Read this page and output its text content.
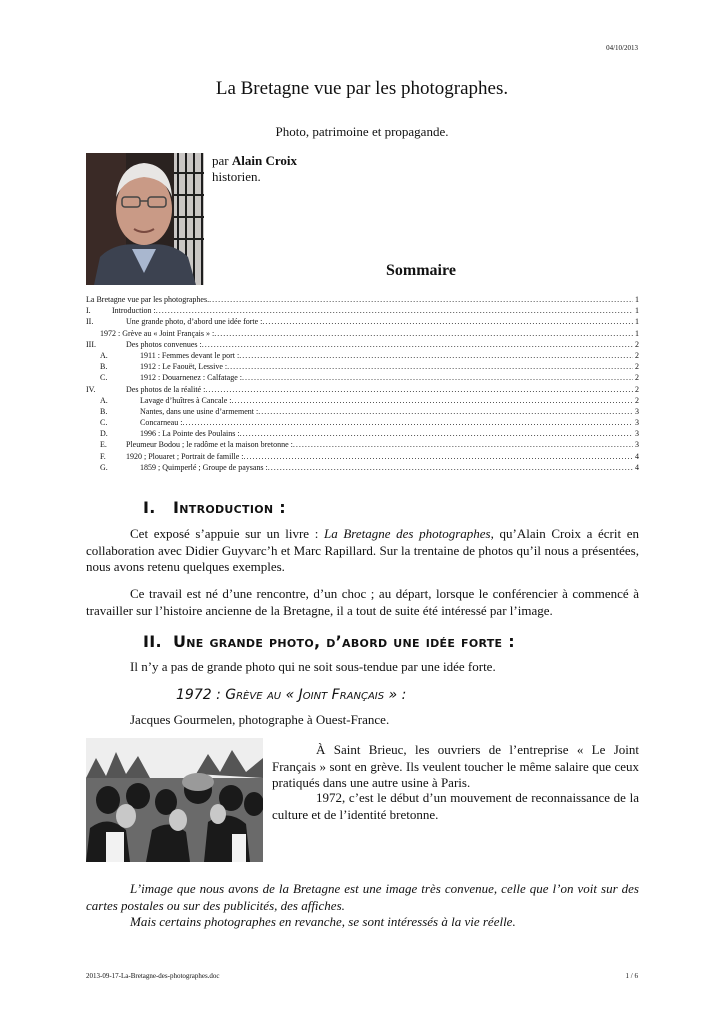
04/10/2013
La Bretagne vue par les photographes.
Photo, patrimoine et propagande.
par Alain Croix
historien.
Sommaire
La Bretagne vue par les photographes. .....	1
I.	Introduction : .....	1
II.	Une grande photo, d’abord une idée forte : .....	1
1972 : Grève au « Joint Français » : .....	1
III.	Des photos convenues : .....	2
A.	1911 : Femmes devant le port : .....	2
B.	1912 : Le Faouët, Lessive : .....	2
C.	1912 : Douarnenez : Calfatage : .....	2
IV.	Des photos de la réalité : .....	2
A.	Lavage d’huîtres à Cancale : .....	2
B.	Nantes, dans une usine d’armement : .....	3
C.	Concarneau : .....	3
D.	1996 : La Pointe des Poulains : .....	3
E.	Pleumeur Bodou ; le radôme et la maison bretonne : .....	3
F.	1920 ; Plouaret ; Portrait de famille : .....	4
G.	1859 ; Quimperlé ; Groupe de paysans : .....	4
I. Introduction :
Cet exposé s’appuie sur un livre : La Bretagne des photographes, qu’Alain Croix a écrit en collaboration avec Didier Guyvarc’h et Marc Rapillard. Sur la trentaine de photos qu’il nous a présentées, nous avons retenu quelques exemples.
Ce travail est né d’une rencontre, d’un choc ; au départ, lorsque le conférencier à commencé à travailler sur l’histoire ancienne de la Bretagne, il a tout de suite été intéressé par l’image.
II. Une grande photo, d’abord une idée forte :
Il n’y a pas de grande photo qui ne soit sous-tendue par une idée forte.
1972 : Grève au « Joint Français » :
Jacques Gourmelen, photographe à Ouest-France.
À Saint Brieuc, les ouvriers de l’entreprise « Le Joint Français » sont en grève. Ils veulent toucher le même salaire que ceux pratiqués dans une autre usine à Paris.
1972, c’est le début d’un mouvement de reconnaissance de la culture et de l’identité bretonne.
L’image que nous avons de la Bretagne est une image très convenue, celle que l’on voit sur des cartes postales ou sur des publicités, des affiches.
Mais certains photographes en revanche, se sont intéressés à la vie réelle.
2013-09-17-La-Bretagne-des-photographes.doc	1 / 6
